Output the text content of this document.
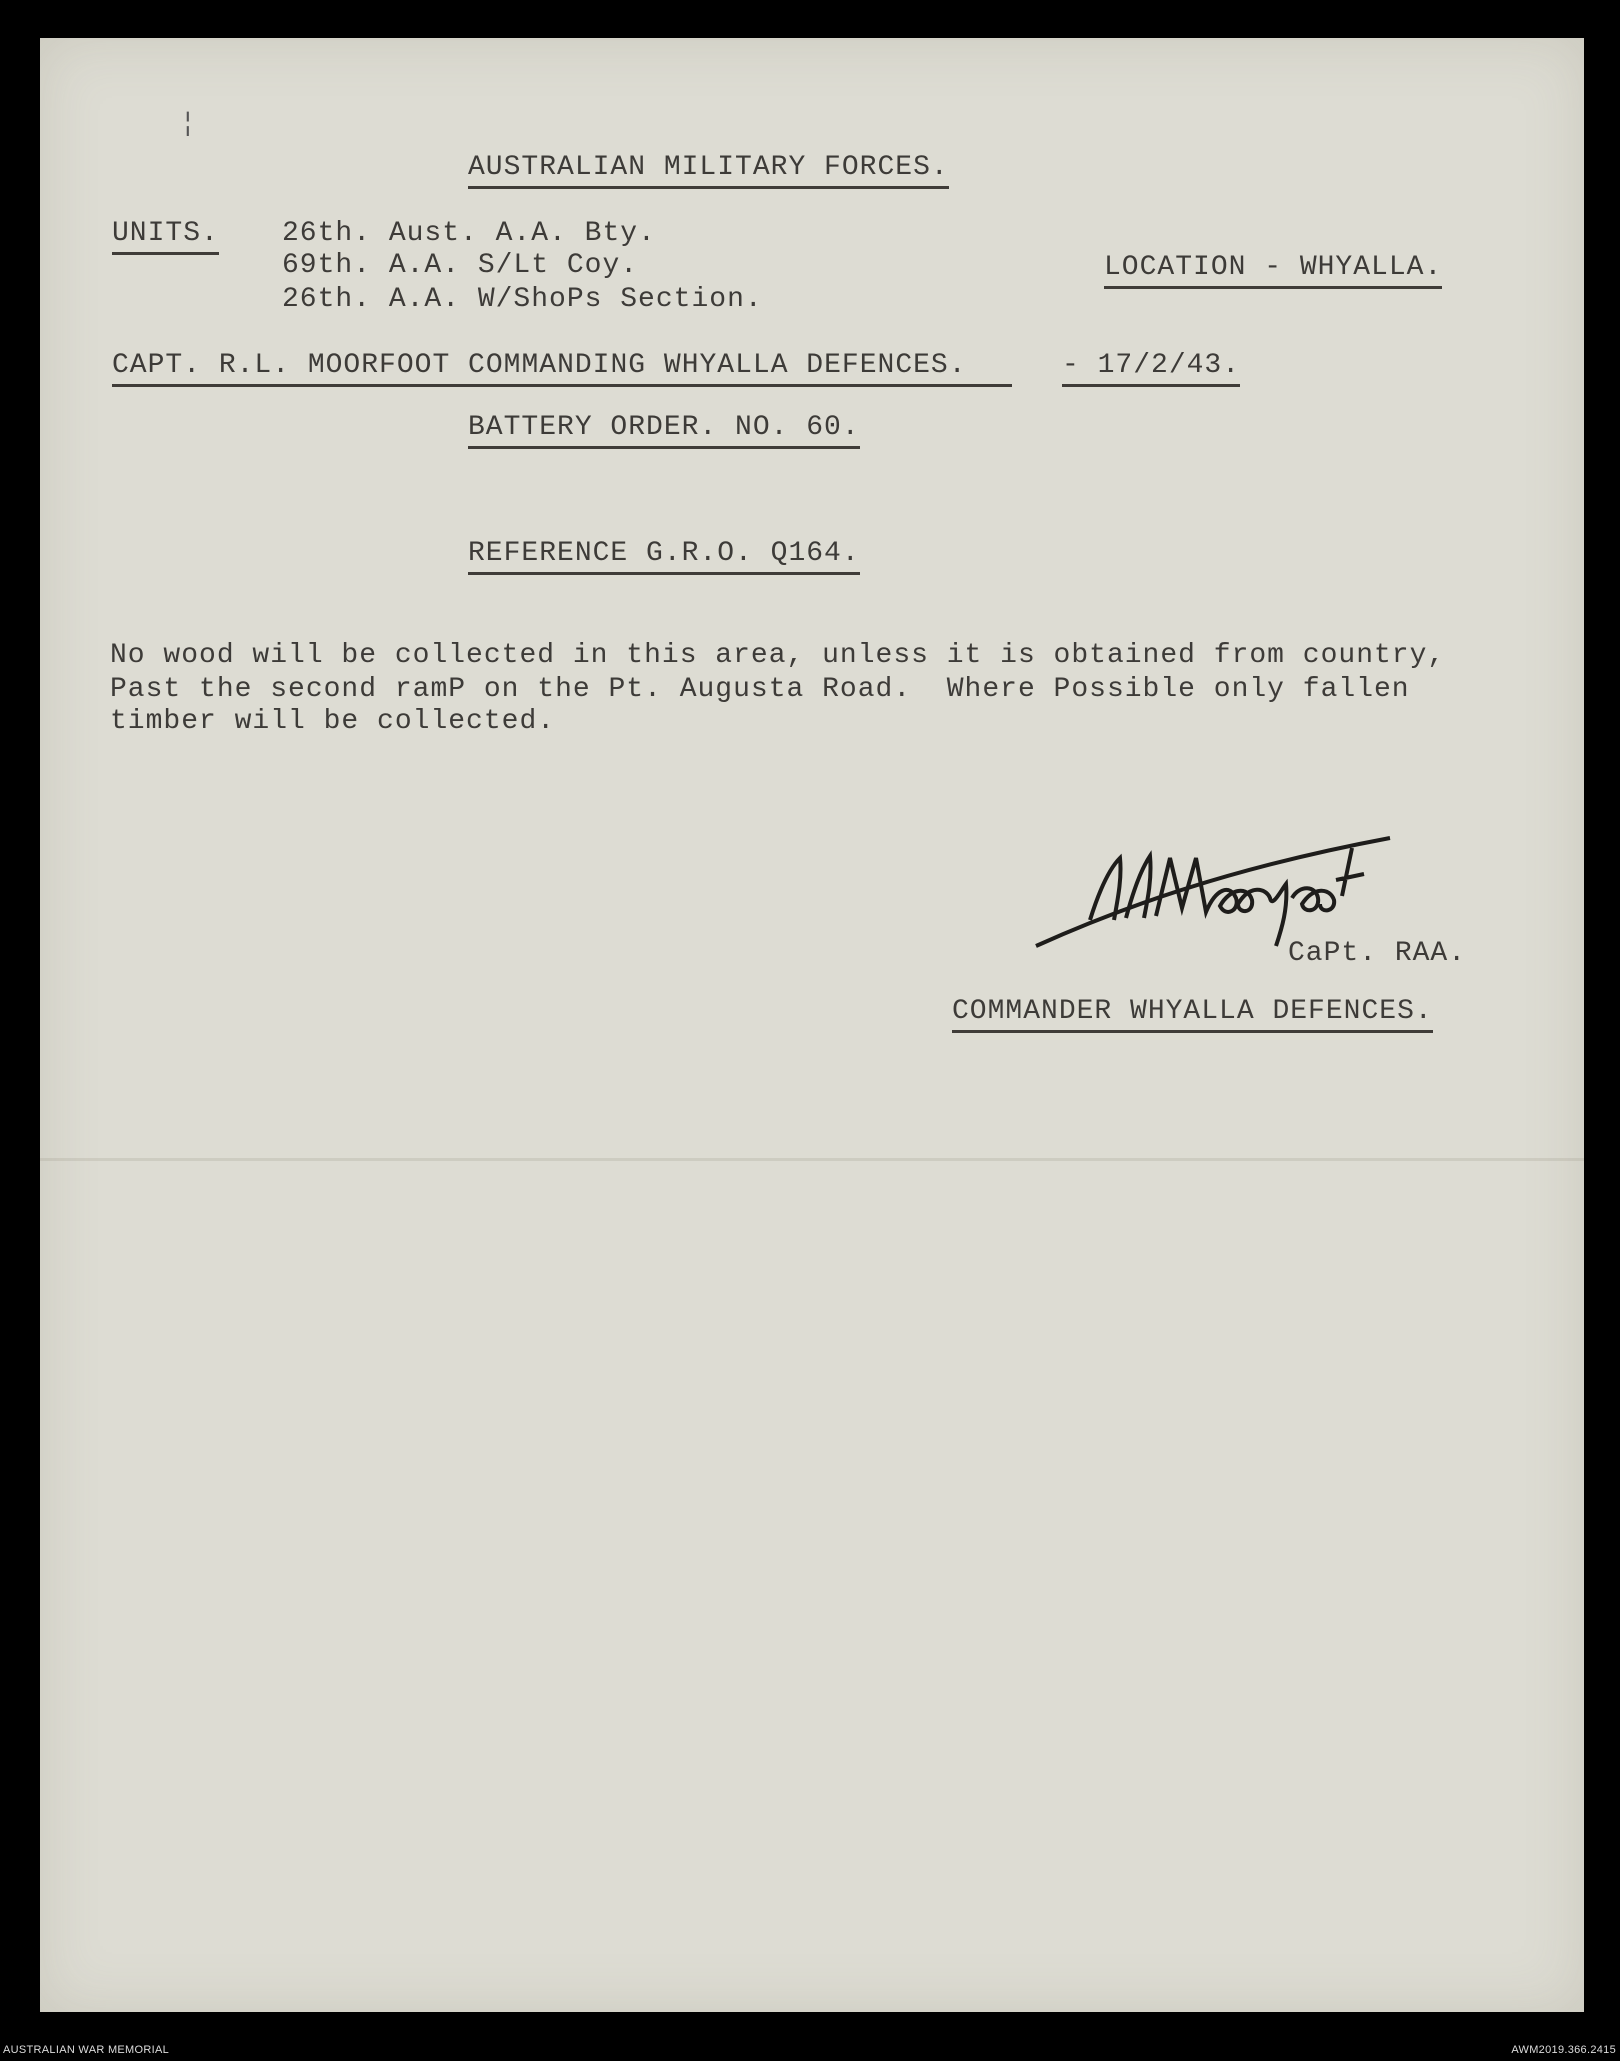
¦
AUSTRALIAN MILITARY FORCES.
UNITS. 26th. Aust. A.A. Bty.
69th. A.A. S/Lt Coy.
26th. A.A. W/ShoPs Section.
LOCATION - WHYALLA.
CAPT. R.L. MOORFOOT COMMANDING WHYALLA DEFENCES.	- 17/2/43.
BATTERY ORDER. NO. 60.
REFERENCE G.R.O. Q164.
No wood will be collected in this area, unless it is obtained from country,
Past the second ramP on the Pt. Augusta Road.  Where Possible only fallen
timber will be collected.
CaPt. RAA.
COMMANDER WHYALLA DEFENCES.
AUSTRALIAN WAR MEMORIAL	AWM2019.366.2415
